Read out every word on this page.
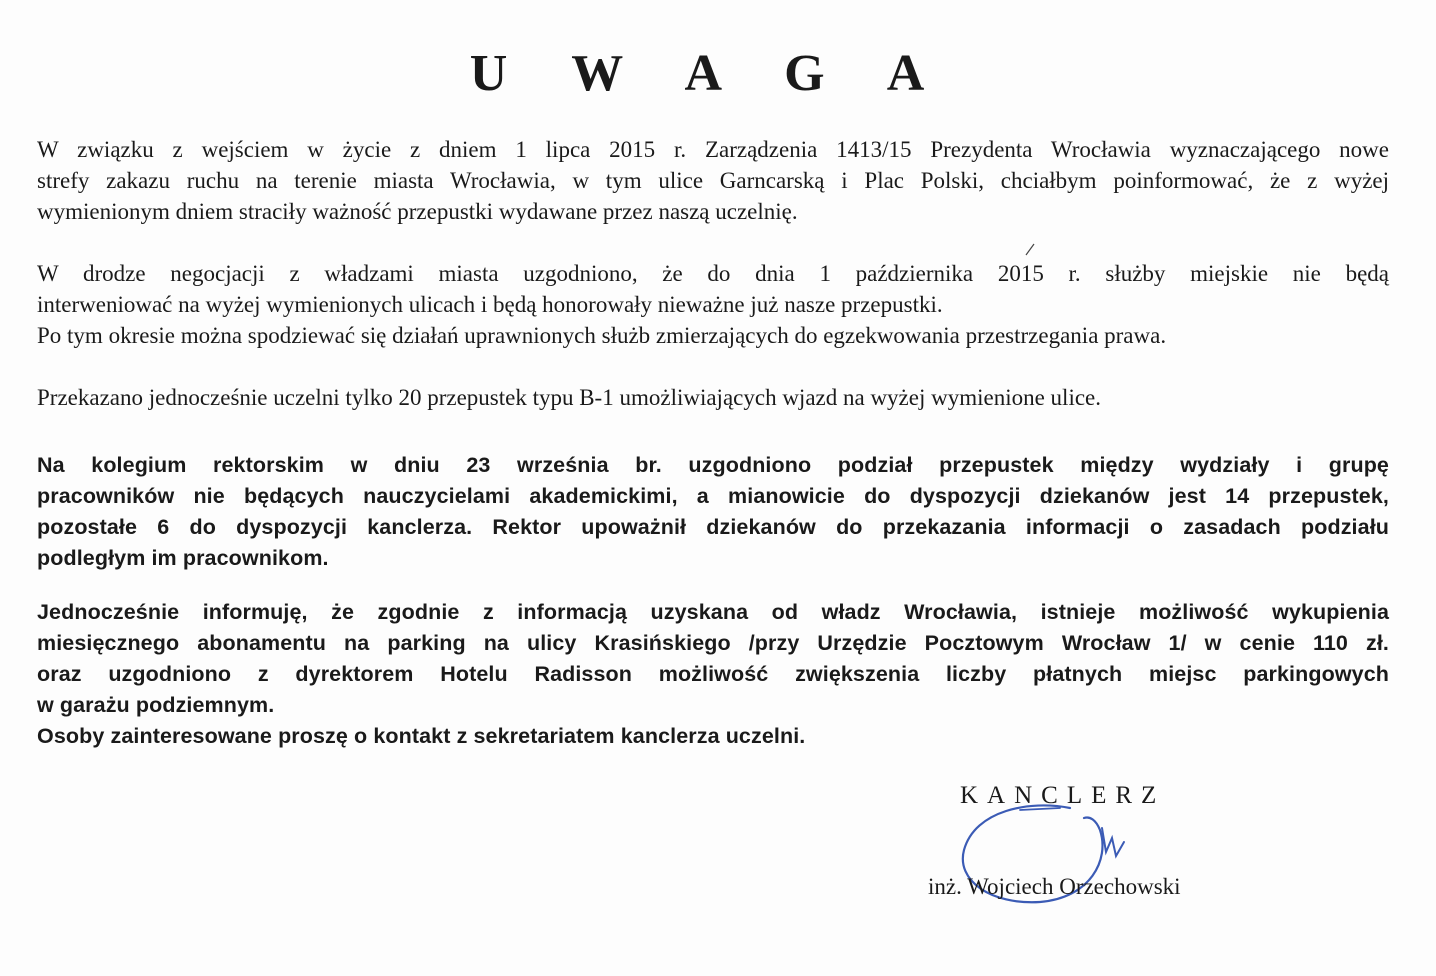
U W A G A

W związku z wejściem w życie z dniem 1 lipca 2015 r. Zarządzenia 1413/15 Prezydenta Wrocławia wyznaczającego nowe
strefy zakazu ruchu na terenie miasta Wrocławia, w tym ulice Garncarską i Plac Polski, chciałbym poinformować, że z wyżej
wymienionym dniem straciły ważność przepustki wydawane przez naszą uczelnię.

W drodze negocjacji z władzami miasta uzgodniono, że do dnia 1 października 2015 r. służby miejskie nie będą
interweniować na wyżej wymienionych ulicach i będą honorowały nieważne już nasze przepustki.
Po tym okresie można spodziewać się działań uprawnionych służb zmierzających do egzekwowania przestrzegania prawa.

Przekazano jednocześnie uczelni tylko 20 przepustek typu B-1 umożliwiających wjazd na wyżej wymienione ulice.

Na kolegium rektorskim w dniu 23 września br. uzgodniono podział przepustek między wydziały i grupę
pracowników nie będących nauczycielami akademickimi, a mianowicie do dyspozycji dziekanów jest 14 przepustek,
pozostałe 6 do dyspozycji kanclerza. Rektor upoważnił dziekanów do przekazania informacji o zasadach podziału
podległym im pracownikom.

Jednocześnie informuję, że zgodnie z informacją uzyskana od władz Wrocławia, istnieje możliwość wykupienia
miesięcznego abonamentu na parking na ulicy Krasińskiego /przy Urzędzie Pocztowym Wrocław 1/ w cenie 110 zł.
oraz uzgodniono z dyrektorem Hotelu Radisson możliwość zwiększenia liczby płatnych miejsc parkingowych
w garażu podziemnym.
Osoby zainteresowane proszę o kontakt z sekretariatem kanclerza uczelni.

KANCLERZ
inż. Wojciech Orzechowski
